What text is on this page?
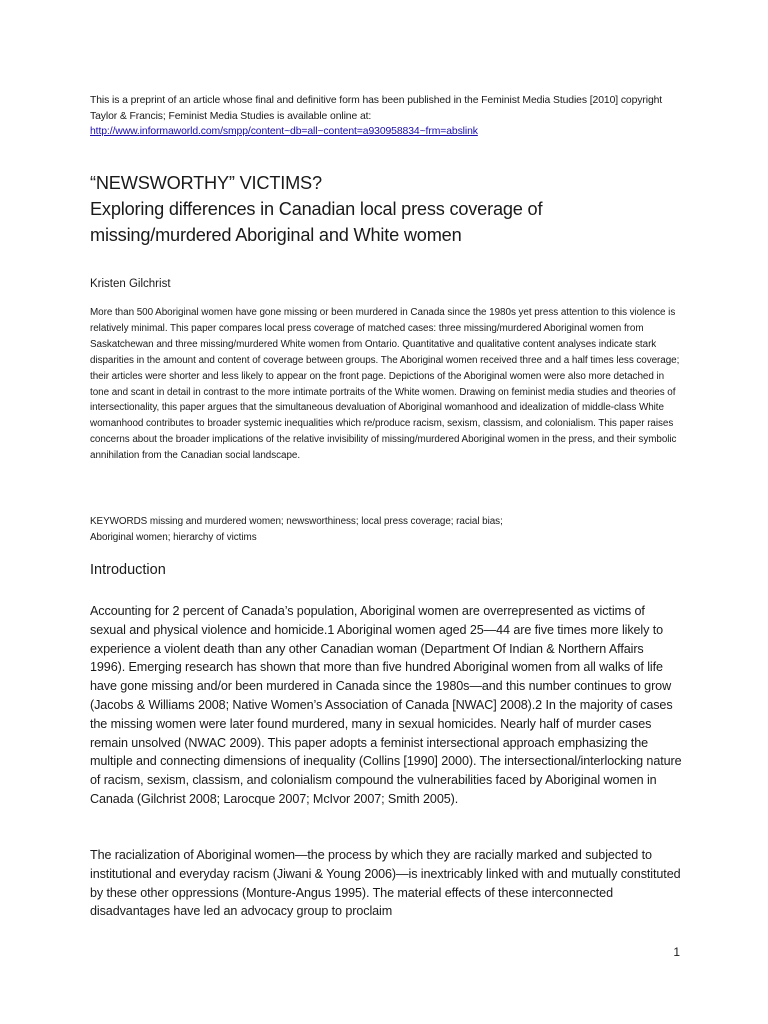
This is a preprint of an article whose final and definitive form has been published in the Feminist Media Studies [2010] copyright Taylor & Francis; Feminist Media Studies is available online at:
http://www.informaworld.com/smpp/content~db=all~content=a930958834~frm=abslink

“NEWSWORTHY” VICTIMS?
Exploring differences in Canadian local press coverage of
missing/murdered Aboriginal and White women

Kristen Gilchrist

More than 500 Aboriginal women have gone missing or been murdered in Canada since the 1980s yet press attention to this violence is relatively minimal. This paper compares local press coverage of matched cases: three missing/murdered Aboriginal women from Saskatchewan and three missing/murdered White women from Ontario. Quantitative and qualitative content analyses indicate stark disparities in the amount and content of coverage between groups. The Aboriginal women received three and a half times less coverage; their articles were shorter and less likely to appear on the front page. Depictions of the Aboriginal women were also more detached in tone and scant in detail in contrast to the more intimate portraits of the White women. Drawing on feminist media studies and theories of intersectionality, this paper argues that the simultaneous devaluation of Aboriginal womanhood and idealization of middle-class White womanhood contributes to broader systemic inequalities which re/produce racism, sexism, classism, and colonialism. This paper raises concerns about the broader implications of the relative invisibility of missing/murdered Aboriginal women in the press, and their symbolic annihilation from the Canadian social landscape.

KEYWORDS missing and murdered women; newsworthiness; local press coverage; racial bias;
Aboriginal women; hierarchy of victims

Introduction

Accounting for 2 percent of Canada’s population, Aboriginal women are overrepresented as victims of sexual and physical violence and homicide.1 Aboriginal women aged 25—44 are five times more likely to experience a violent death than any other Canadian woman (Department Of Indian & Northern Affairs 1996). Emerging research has shown that more than five hundred Aboriginal women from all walks of life have gone missing and/or been murdered in Canada since the 1980s—and this number continues to grow (Jacobs & Williams 2008; Native Women’s Association of Canada [NWAC] 2008).2 In the majority of cases the missing women were later found murdered, many in sexual homicides. Nearly half of murder cases remain unsolved (NWAC 2009). This paper adopts a feminist intersectional approach emphasizing the multiple and connecting dimensions of inequality (Collins [1990] 2000). The intersectional/interlocking nature of racism, sexism, classism, and colonialism compound the vulnerabilities faced by Aboriginal women in Canada (Gilchrist 2008; Larocque 2007; McIvor 2007; Smith 2005).

The racialization of Aboriginal women—the process by which they are racially marked and subjected to institutional and everyday racism (Jiwani & Young 2006)—is inextricably linked with and mutually constituted by these other oppressions (Monture-Angus 1995). The material effects of these interconnected disadvantages have led an advocacy group to proclaim

1
